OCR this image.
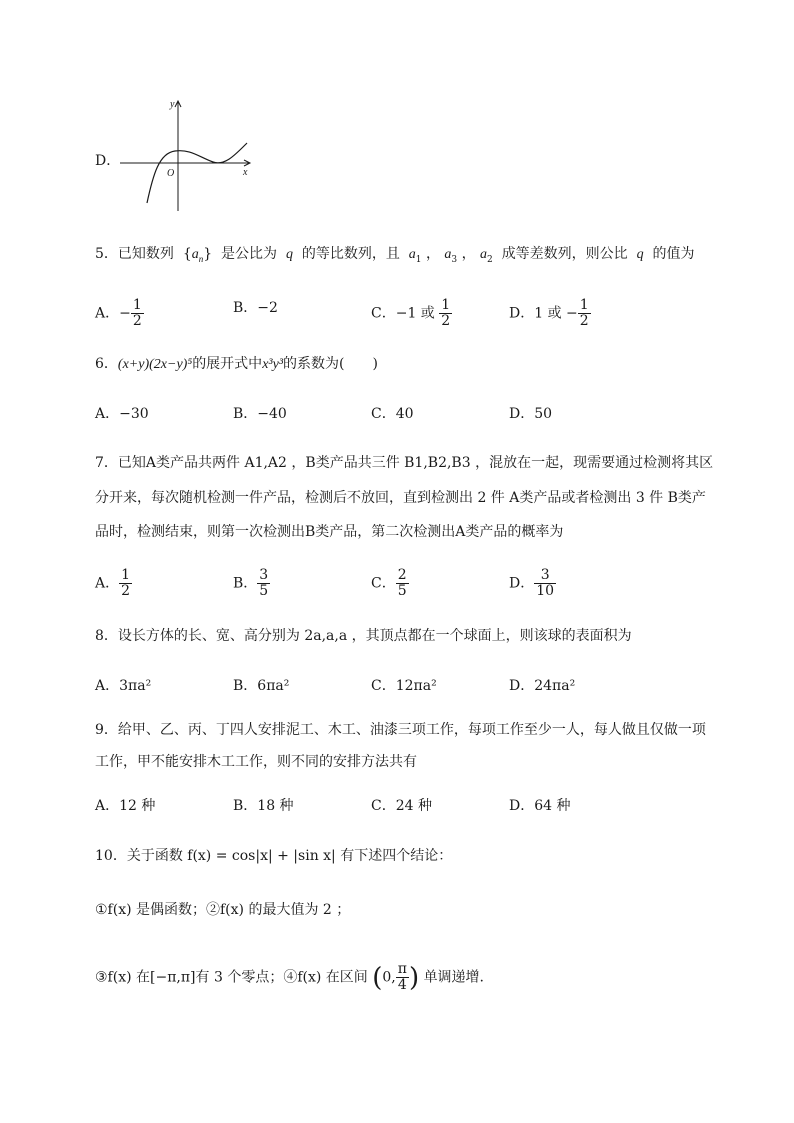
D．
y
x
O
5．已知数列  $\{a_n\}$  是公比为 q 的等比数列，且 $a_1$ ， $a_3$ ， $a_2$ 成等差数列，则公比 q 的值为
A．− $\frac{1}{2}$	B．−2	C．−1 或 $\frac{1}{2}$	D．1 或 − $\frac{1}{2}$
6．(x+y)(2x−y)⁵的展开式中x³y³的系数为(　　)
A．−30	B．−40	C．40	D．50
7．已知A类产品共两件 A1,A2 ，B类产品共三件 B1,B2,B3 ，混放在一起，现需要通过检测将其区
分开来，每次随机检测一件产品，检测后不放回，直到检测出 2 件 A类产品或者检测出 3 件 B类产
品时，检测结束，则第一次检测出B类产品，第二次检测出A类产品的概率为
A． $\frac{1}{2}$	B． $\frac{3}{5}$	C． $\frac{2}{5}$	D． $\frac{3}{10}$
8．设长方体的长、宽、高分别为 2a,a,a ，其顶点都在一个球面上，则该球的表面积为
A．3πa²	B．6πa²	C．12πa²	D．24πa²
9．给甲、乙、丙、丁四人安排泥工、木工、油漆三项工作，每项工作至少一人，每人做且仅做一项
工作，甲不能安排木工工作，则不同的安排方法共有
A．12 种	B．18 种	C．24 种	D．64 种
10．关于函数 f(x) = cos|x| + |sin x| 有下述四个结论：
①f(x) 是偶函数；②f(x) 的最大值为 2 ；
③f(x) 在[−π,π]有 3 个零点；④f(x) 在区间 (0, $\frac{\pi}{4}$ ) 单调递增.
